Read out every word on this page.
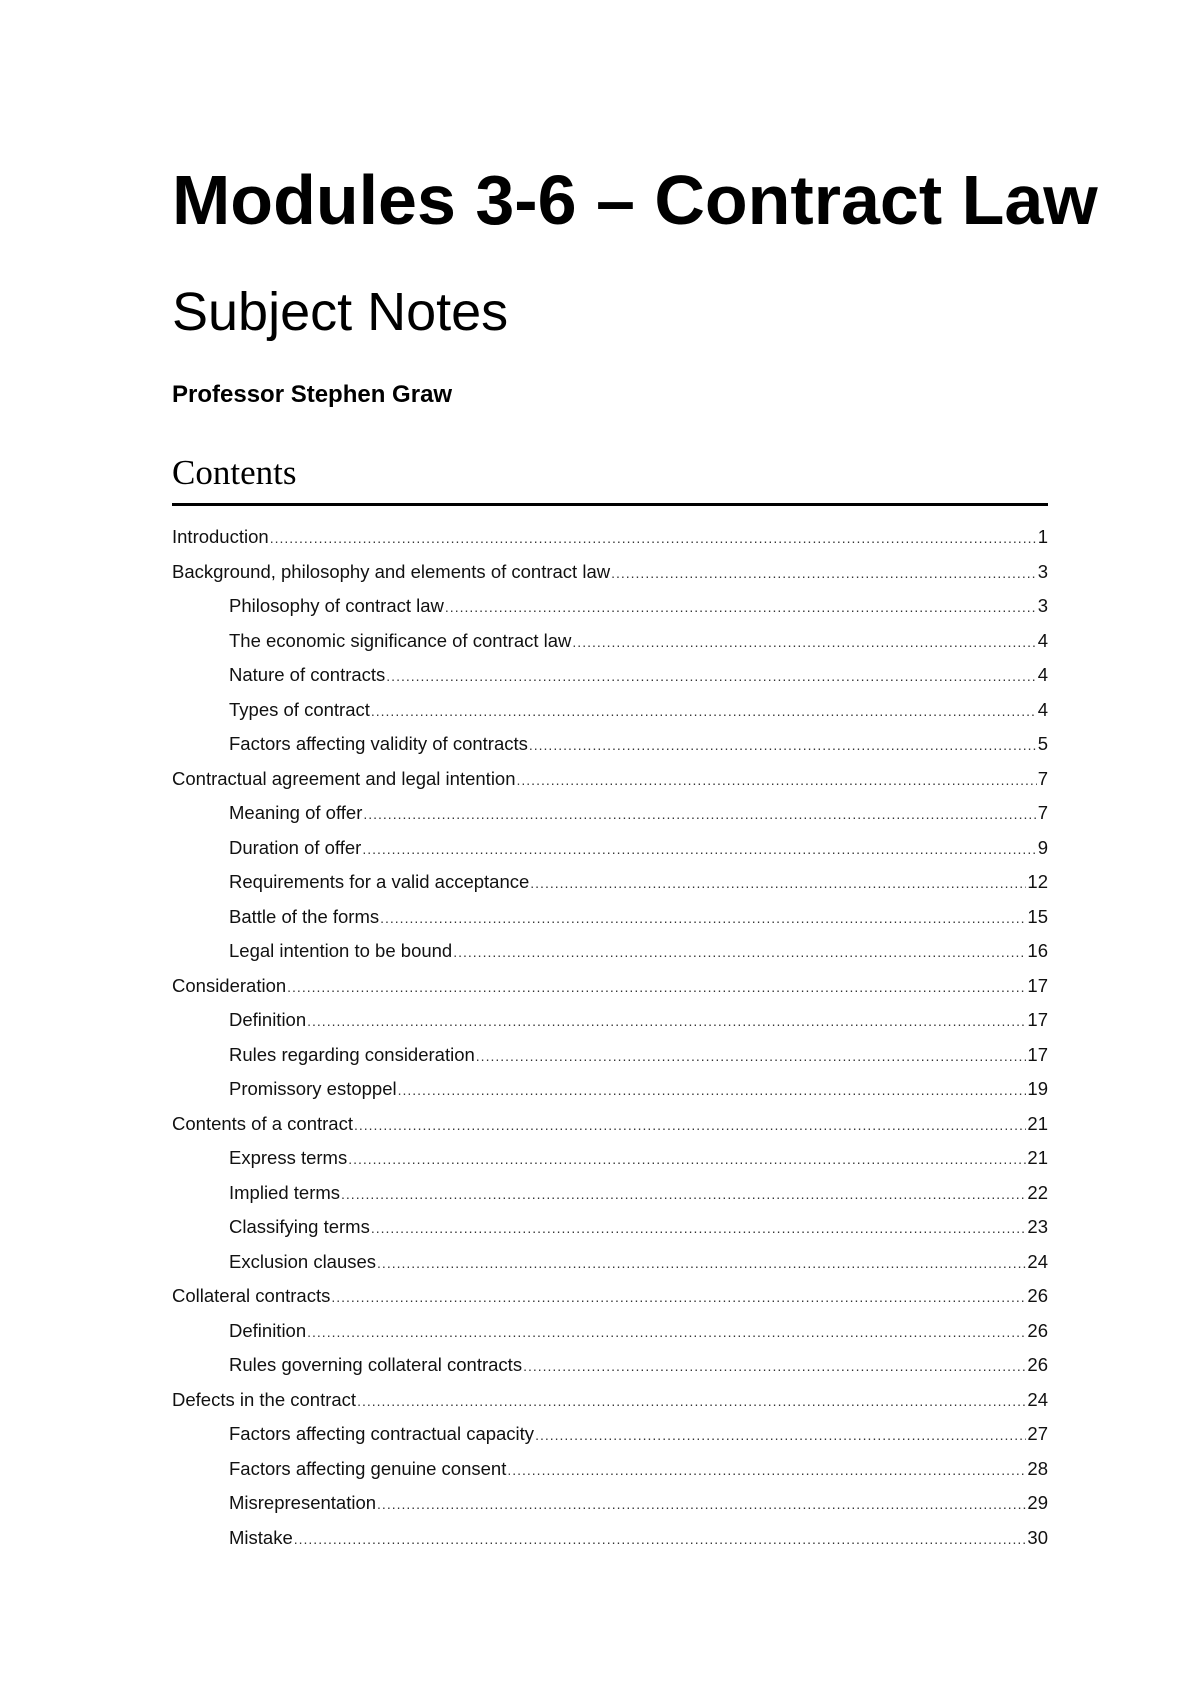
Modules 3-6 – Contract Law
Subject Notes
Professor Stephen Graw
Contents
Introduction .....	1
Background, philosophy and elements of contract law .....	3
Philosophy of contract law .....	3
The economic significance of contract law .....	4
Nature of contracts .....	4
Types of contract .....	4
Factors affecting validity of contracts .....	5
Contractual agreement and legal intention .....	7
Meaning of offer .....	7
Duration of offer .....	9
Requirements for a valid acceptance .....	12
Battle of the forms .....	15
Legal intention to be bound .....	16
Consideration .....	17
Definition .....	17
Rules regarding consideration .....	17
Promissory estoppel .....	19
Contents of a contract .....	21
Express terms .....	21
Implied terms .....	22
Classifying terms .....	23
Exclusion clauses .....	24
Collateral contracts .....	26
Definition .....	26
Rules governing collateral contracts .....	26
Defects in the contract .....	24
Factors affecting contractual capacity .....	27
Factors affecting genuine consent .....	28
Misrepresentation .....	29
Mistake .....	30
